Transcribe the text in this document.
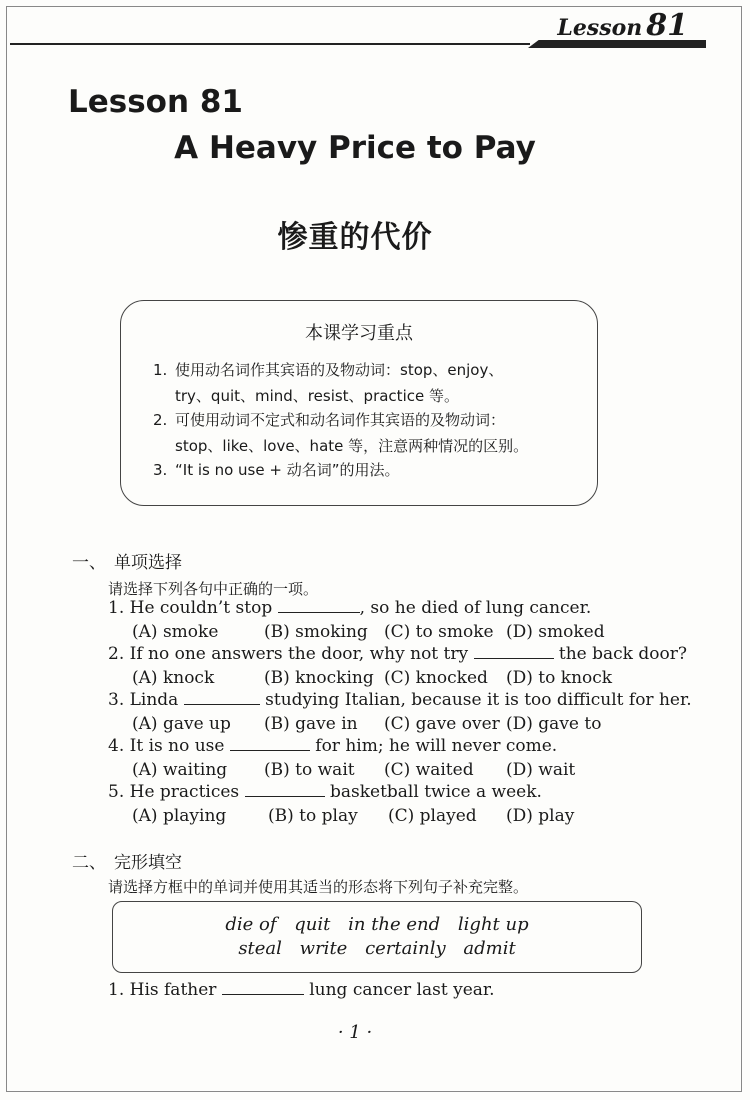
Lesson 81
Lesson 81
A Heavy Price to Pay
惨重的代价
本课学习重点
1. 使用动名词作其宾语的及物动词：stop、enjoy、
try、quit、mind、resist、practice 等。
2. 可使用动词不定式和动名词作其宾语的及物动词：
stop、like、love、hate 等，注意两种情况的区别。
3. “It is no use + 动名词”的用法。
一、 单项选择
请选择下列各句中正确的一项。
1. He couldn’t stop	, so he died of lung cancer.
(A) smoke	(B) smoking (C) to smoke (D) smoked
2. If no one answers the door, why not try	the back door?
(A) knock	(B) knocking (C) knocked (D) to knock
3. Linda	studying Italian, because it is too difficult for her.
(A) gave up (B) gave in (C) gave over (D) gave to
4. It is no use	for him; he will never come.
(A) waiting (B) to wait (C) waited (D) wait
5. He practices	basketball twice a week.
(A) playing (B) to play (C) played (D) play
二、 完形填空
请选择方框中的单词并使用其适当的形态将下列句子补充完整。
die of quit in the end light up
steal write certainly admit
1. His father	lung cancer last year.
· 1 ·
